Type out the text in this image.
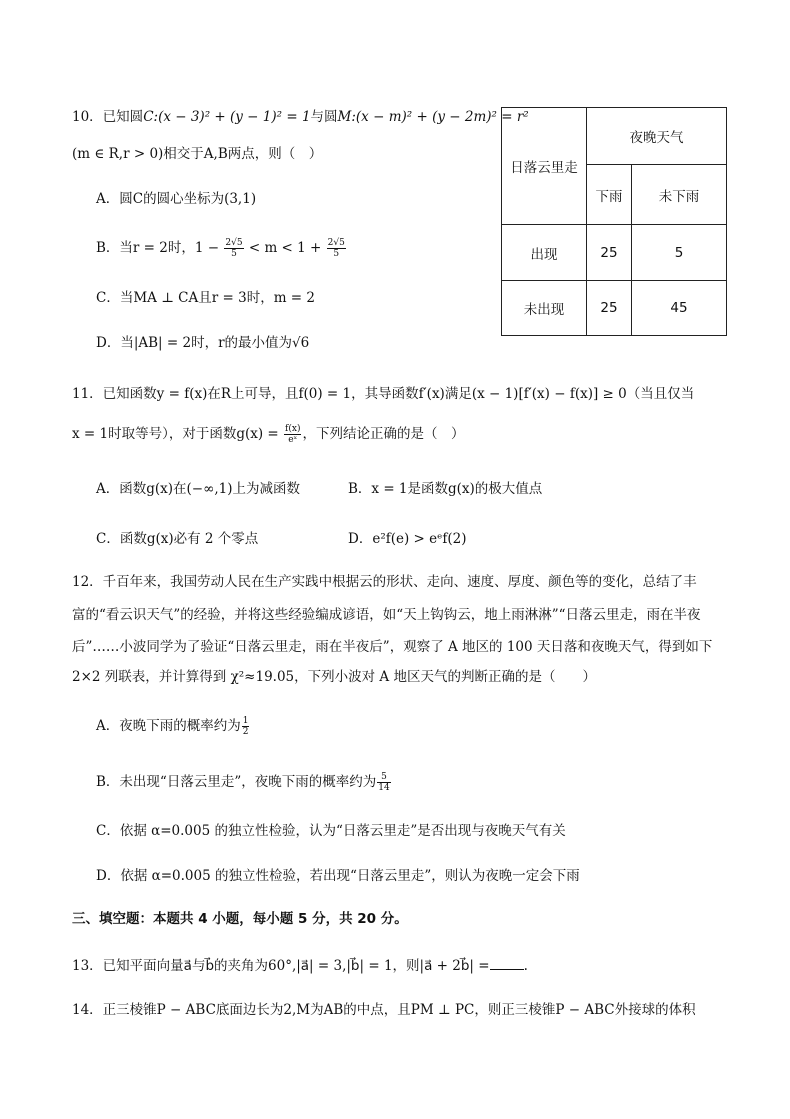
10．已知圆C:(x − 3)² + (y − 1)² = 1与圆M:(x − m)² + (y − 2m)² = r²
(m ∈ R,r > 0)相交于A,B两点，则（　）
A．圆C的圆心坐标为(3,1)
B．当r = 2时，$1 - \frac{2√5}{5} < m < 1 + \frac{2√5}{5}$
C．当MA ⊥ CA且r = 3时，m = 2
D．当|AB| = 2时，r的最小值为√6
日落云里走	夜晚天气	
	下雨	未下雨
出现	25	5
未出现	25	45
11．已知函数y = f(x)在R上可导，且f(0) = 1，其导函数f′(x)满足(x − 1)[f′(x) − f(x)] ≥ 0（当且仅当
x = 1时取等号），对于函数$g(x) = \frac{f(x)}{\text{eˣ}}$ ，下列结论正确的是（　）
A．函数g(x)在(−∞,1)上为减函数	B．x = 1是函数g(x)的极大值点
C．函数g(x)必有 2 个零点	D．e²f(e) > eᵉf(2)
12．千百年来，我国劳动人民在生产实践中根据云的形状、走向、速度、厚度、颜色等的变化，总结了丰
富的“看云识天气”的经验，并将这些经验编成谚语，如“天上钩钩云，地上雨淋淋”“日落云里走，雨在半夜
后”……小波同学为了验证“日落云里走，雨在半夜后”，观察了 A 地区的 100 天日落和夜晚天气，得到如下
2×2 列联表，并计算得到 χ²≈19.05，下列小波对 A 地区天气的判断正确的是（　　）
A．夜晚下雨的概率约为 $\frac{1}{2}$
B．未出现“日落云里走”，夜晚下雨的概率约为 $\frac{5}{14}$
C．依据 α=0.005 的独立性检验，认为“日落云里走”是否出现与夜晚天气有关
D．依据 α=0.005 的独立性检验，若出现“日落云里走”，则认为夜晚一定会下雨
三、填空题：本题共 4 小题，每小题 5 分，共 20 分。
13．已知平面向量a⃗与b⃗的夹角为60°,|a⃗| = 3,|b⃗| = 1，则|a⃗ + 2b⃗| =	.
14．正三棱锥P − ABC底面边长为2,M为AB的中点，且PM ⊥ PC，则正三棱锥P − ABC外接球的体积
